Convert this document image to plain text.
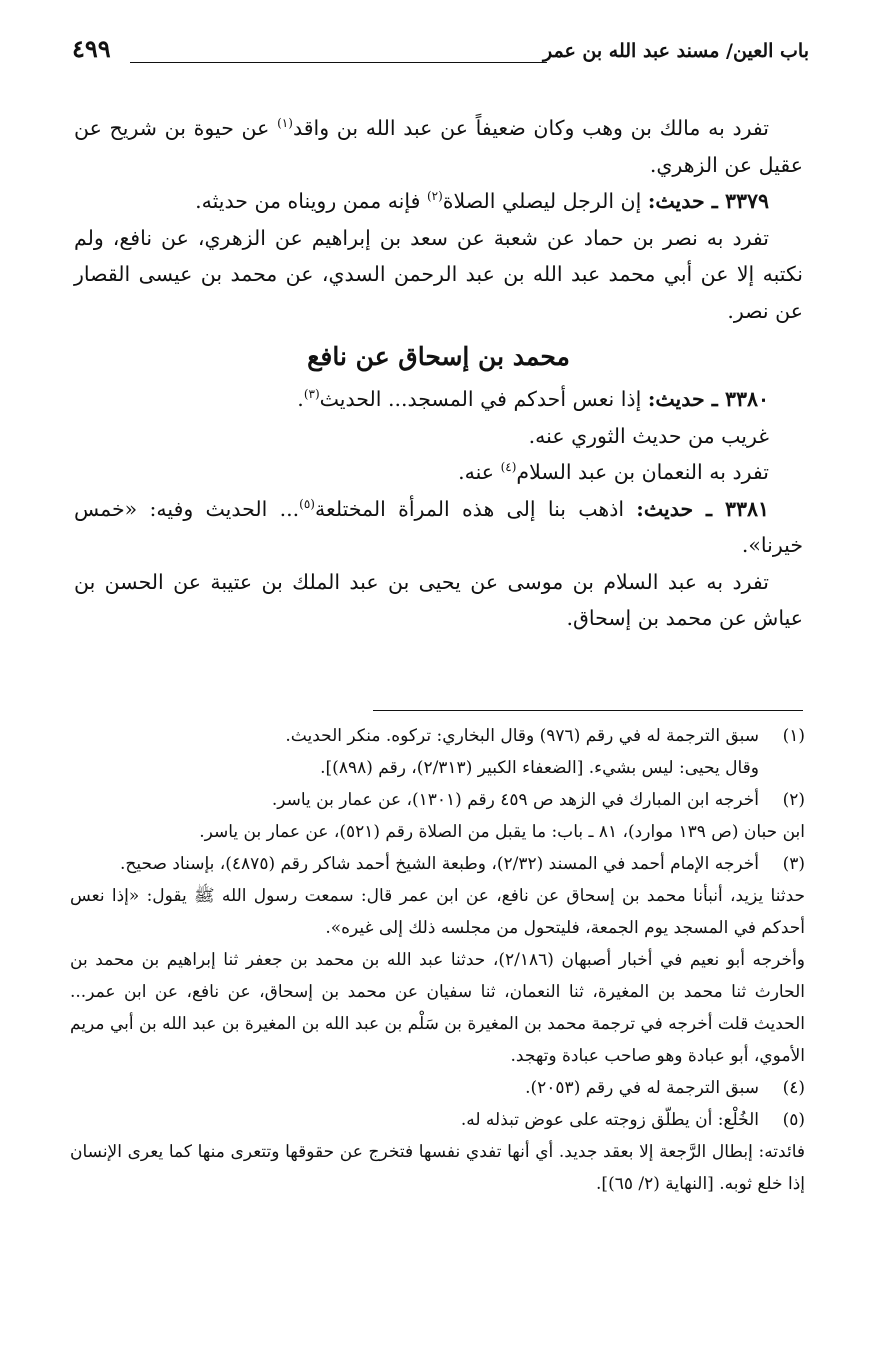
باب العين/ مسند عبد الله بن عمر
٤٩٩

تفرد به مالك بن وهب وكان ضعيفاً عن عبد الله بن واقد$^{(١)}$ عن حيوة بن شريح عن عقيل عن الزهري.

٣٣٧٩ ـ حديث: إن الرجل ليصلي الصلاة$^{(٢)}$ فإنه ممن رويناه من حديثه.

تفرد به نصر بن حماد عن شعبة عن سعد بن إبراهيم عن الزهري، عن نافع، ولم نكتبه إلا عن أبي محمد عبد الله بن عبد الرحمن السدي، عن محمد بن عيسى القصار عن نصر.

محمد بن إسحاق عن نافع

٣٣٨٠ ـ حديث: إذا نعس أحدكم في المسجد... الحديث$^{(٣)}$.

غريب من حديث الثوري عنه.

تفرد به النعمان بن عبد السلام$^{(٤)}$ عنه.

٣٣٨١ ـ حديث: اذهب بنا إلى هذه المرأة المختلعة$^{(٥)}$... الحديث وفيه: «خمس خيرنا».

تفرد به عبد السلام بن موسى عن يحيى بن عبد الملك بن عتيبة عن الحسن بن عياش عن محمد بن إسحاق.

(١)
سبق الترجمة له في رقم (٩٧٦) وقال البخاري: تركوه. منكر الحديث.

وقال يحيى: ليس بشيء. [الضعفاء الكبير (٢/٣١٣)، رقم (٨٩٨)].

(٢)
أخرجه ابن المبارك في الزهد ص ٤٥٩ رقم (١٣٠١)، عن عمار بن ياسر.

ابن حبان (ص ١٣٩ موارد)، ٨١ ـ باب: ما يقبل من الصلاة رقم (٥٢١)، عن عمار بن ياسر.

(٣)
أخرجه الإمام أحمد في المسند (٢/٣٢)، وطبعة الشيخ أحمد شاكر رقم (٤٨٧٥)، بإسناد صحيح.

حدثنا يزيد، أنبأنا محمد بن إسحاق عن نافع، عن ابن عمر قال: سمعت رسول الله ﷺ يقول: «إذا نعس أحدكم في المسجد يوم الجمعة، فليتحول من مجلسه ذلك إلى غيره».

وأخرجه أبو نعيم في أخبار أصبهان (٢/١٨٦)، حدثنا عبد الله بن محمد بن جعفر ثنا إبراهيم بن محمد بن الحارث ثنا محمد بن المغيرة، ثنا النعمان، ثنا سفيان عن محمد بن إسحاق، عن نافع، عن ابن عمر... الحديث قلت أخرجه في ترجمة محمد بن المغيرة بن سَلْم بن عبد الله بن المغيرة بن عبد الله بن أبي مريم الأموي، أبو عبادة وهو صاحب عبادة وتهجد.

(٤)
سبق الترجمة له في رقم (٢٠٥٣).

(٥)
الخُلْع: أن يطلّق زوجته على عوض تبذله له.

فائدته: إبطال الرَّجعة إلا بعقد جديد. أي أنها تفدي نفسها فتخرج عن حقوقها وتتعرى منها كما يعرى الإنسان إذا خلع ثوبه. [النهاية (٢/ ٦٥)].
